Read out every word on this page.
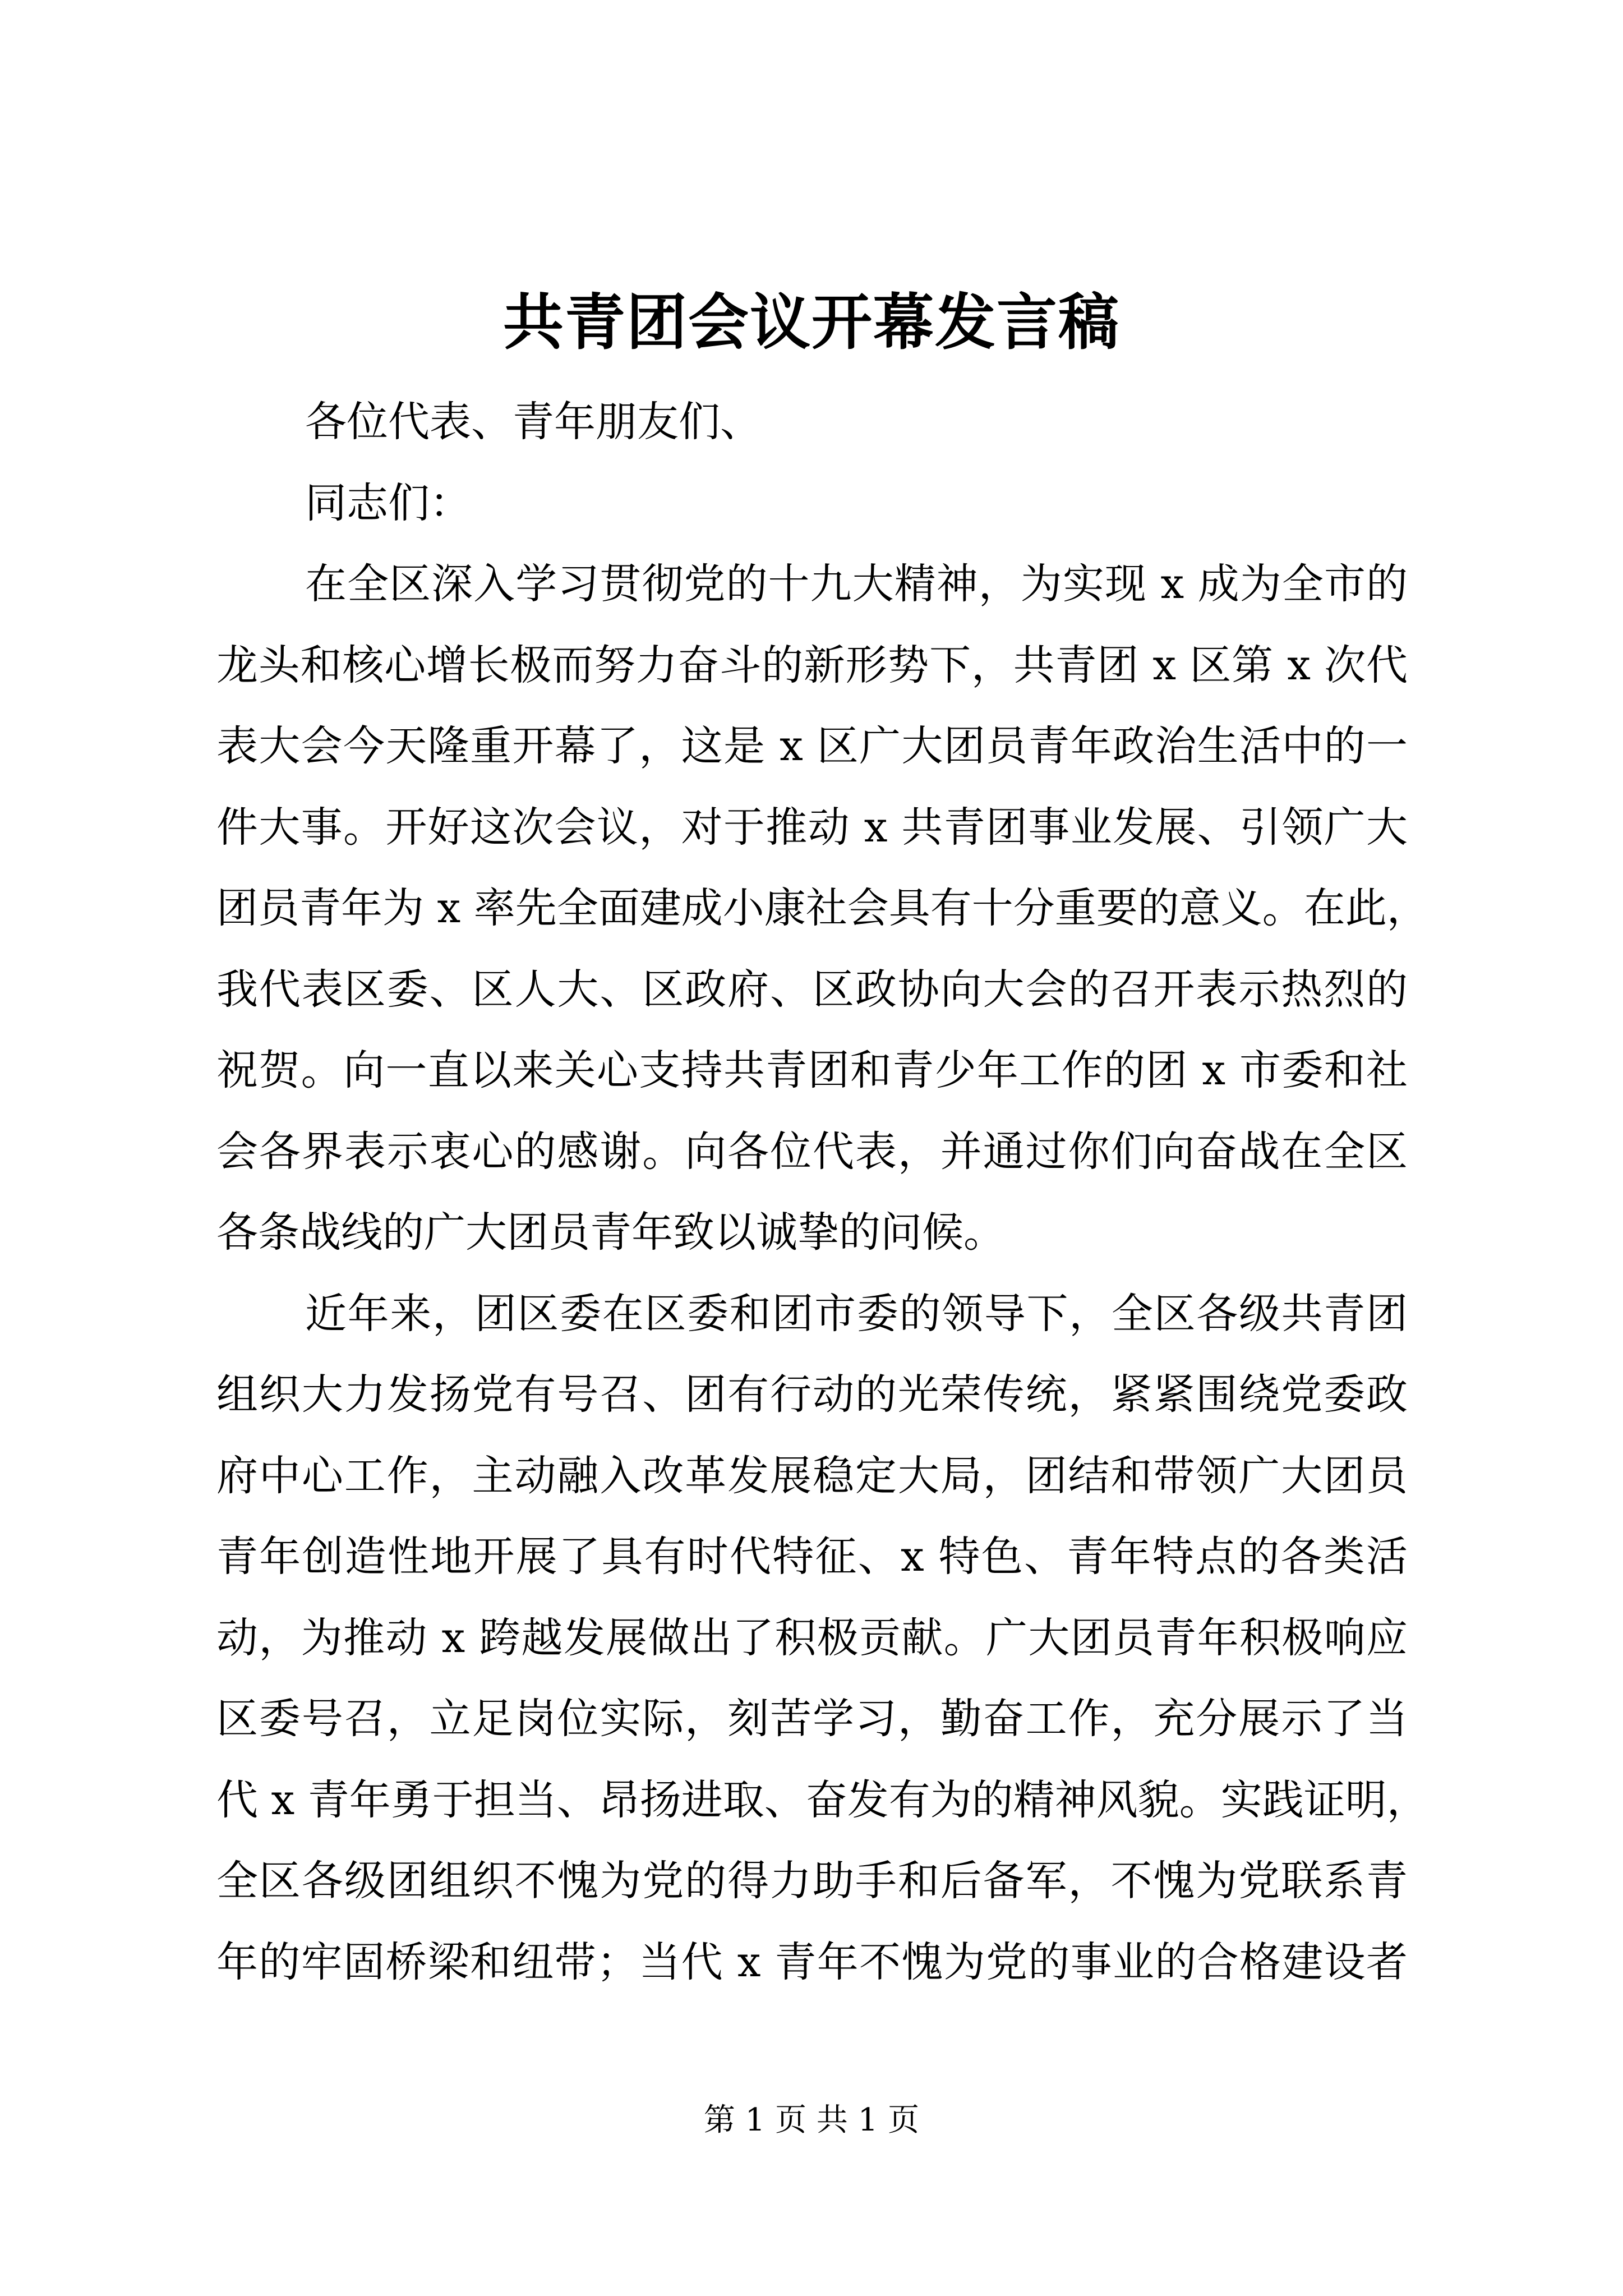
共青团会议开幕发言稿
各位代表、青年朋友们、
同志们：
在全区深入学习贯彻党的十九大精神，为实现 x 成为全市的
龙头和核心增长极而努力奋斗的新形势下，共青团 x 区第 x 次代
表大会今天隆重开幕了，这是 x 区广大团员青年政治生活中的一
件大事。开好这次会议，对于推动 x 共青团事业发展、引领广大
团员青年为 x 率先全面建成小康社会具有十分重要的意义。在此，
我代表区委、区人大、区政府、区政协向大会的召开表示热烈的
祝贺。向一直以来关心支持共青团和青少年工作的团 x 市委和社
会各界表示衷心的感谢。向各位代表，并通过你们向奋战在全区
各条战线的广大团员青年致以诚挚的问候。
近年来，团区委在区委和团市委的领导下，全区各级共青团
组织大力发扬党有号召、团有行动的光荣传统，紧紧围绕党委政
府中心工作，主动融入改革发展稳定大局，团结和带领广大团员
青年创造性地开展了具有时代特征、x 特色、青年特点的各类活
动，为推动 x 跨越发展做出了积极贡献。广大团员青年积极响应
区委号召，立足岗位实际，刻苦学习，勤奋工作，充分展示了当
代 x 青年勇于担当、昂扬进取、奋发有为的精神风貌。实践证明，
全区各级团组织不愧为党的得力助手和后备军，不愧为党联系青
年的牢固桥梁和纽带；当代 x 青年不愧为党的事业的合格建设者
第 1 页 共 1 页
